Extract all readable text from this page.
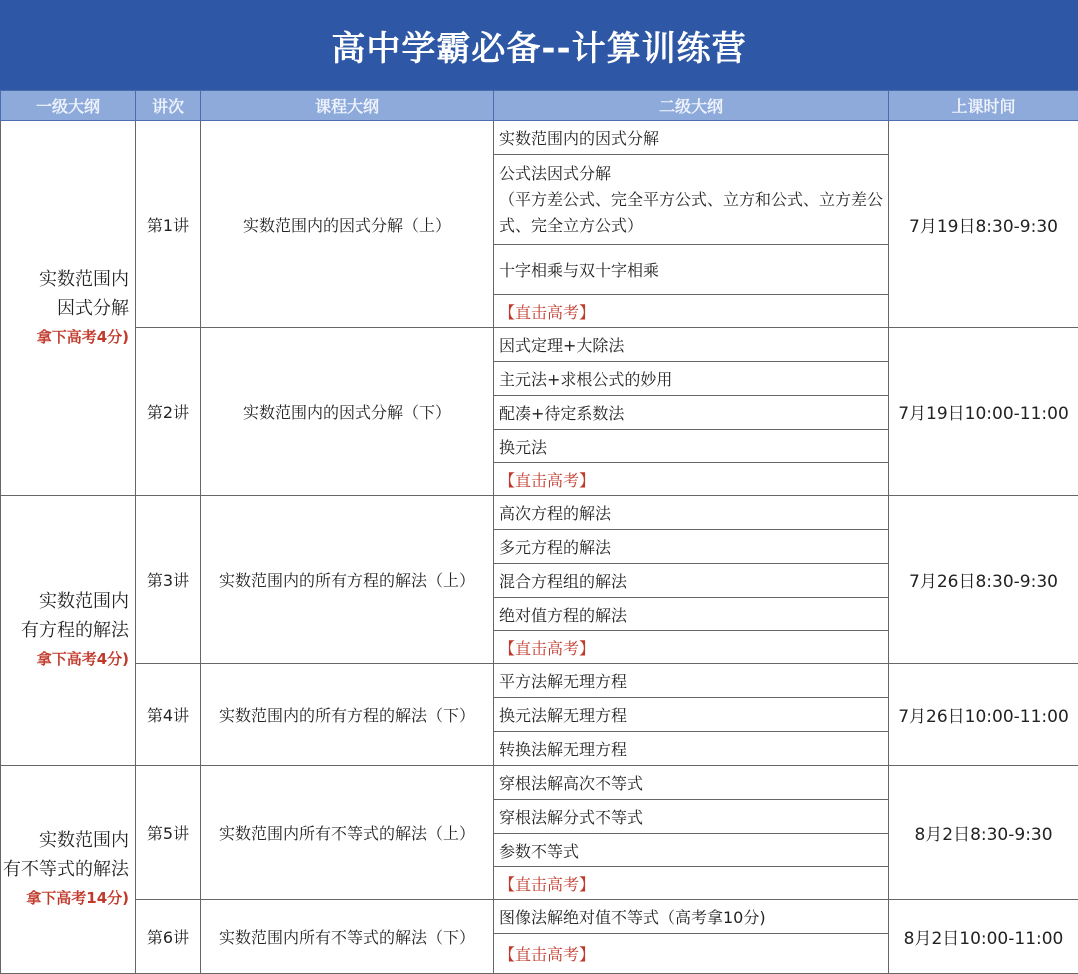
高中学霸必备--计算训练营
一级大纲	讲次	课程大纲	二级大纲	上课时间

实数范围内
因式分解
拿下高考4分)	第1讲	实数范围内的因式分解（上）	实数范围内的因式分解	7月19日8:30-9:30
			公式法因式分解
（平方差公式、完全平方公式、立方和公式、立方差公式、完全立方公式）	
			十字相乘与双十字相乘	
			【直击高考】	
	第2讲	实数范围内的因式分解（下）	因式定理+大除法	7月19日10:00-11:00
			主元法+求根公式的妙用	
			配凑+待定系数法	
			换元法	
			【直击高考】	

实数范围内
有方程的解法
拿下高考4分)	第3讲	实数范围内的所有方程的解法（上）	高次方程的解法	7月26日8:30-9:30
			多元方程的解法	
			混合方程组的解法	
			绝对值方程的解法	
			【直击高考】	
	第4讲	实数范围内的所有方程的解法（下）	平方法解无理方程	7月26日10:00-11:00
			换元法解无理方程	
			转换法解无理方程	

实数范围内
有不等式的解法
拿下高考14分)	第5讲	实数范围内所有不等式的解法（上）	穿根法解高次不等式	8月2日8:30-9:30
			穿根法解分式不等式	
			参数不等式	
			【直击高考】	
	第6讲	实数范围内所有不等式的解法（下）	图像法解绝对值不等式（高考拿10分)	8月2日10:00-11:00
			【直击高考】	
